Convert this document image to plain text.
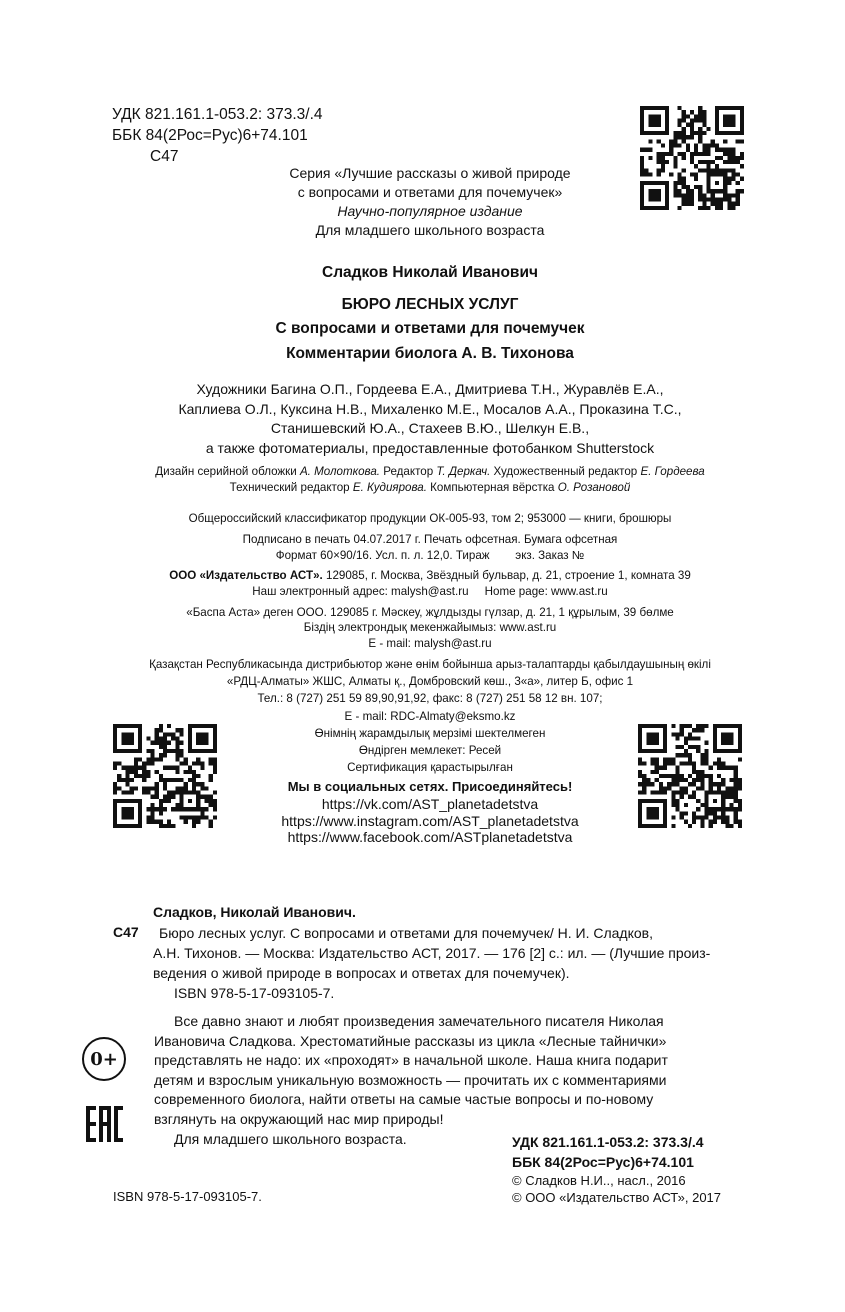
УДК 821.161.1-053.2: 373.3/.4
ББК 84(2Рос=Рус)6+74.101
С47
Серия «Лучшие рассказы о живой природе
с вопросами и ответами для почемучек»
Научно-популярное издание
Для младшего школьного возраста
Сладков Николай Иванович
БЮРО ЛЕСНЫХ УСЛУГ
С вопросами и ответами для почемучек
Комментарии биолога А. В. Тихонова
Художники Багина О.П., Гордеева Е.А., Дмитриева Т.Н., Журавлёв Е.А.,
Каплиева О.Л., Куксина Н.В., Михаленко М.Е., Мосалов А.А., Проказина Т.С.,
Станишевский Ю.А., Стахеев В.Ю., Шелкун Е.В.,
а также фотоматериалы, предоставленные фотобанком Shutterstock
Дизайн серийной обложки А. Молоткова. Редактор Т. Деркач. Художественный редактор Е. Гордеева
Технический редактор Е. Кудиярова. Компьютерная вёрстка О. Розановой
Общероссийский классификатор продукции ОК-005-93, том 2; 953000 — книги, брошюры
Подписано в печать 04.07.2017 г. Печать офсетная. Бумага офсетная
Формат 60×90/16. Усл. п. л. 12,0. Тираж        экз. Заказ №
ООО «Издательство АСТ». 129085, г. Москва, Звёздный бульвар, д. 21, строение 1, комната 39
Наш электронный адрес: malysh@ast.ru     Home page: www.ast.ru
«Баспа Аста» деген ООО. 129085 г. Мәскеу, жұлдызды гүлзар, д. 21, 1 құрылым, 39 бөлме
Біздің электрондық мекенжайымыз: www.ast.ru
E - mail: malysh@ast.ru
Қазақстан Республикасында дистрибьютор және өнім бойынша арыз-талаптарды қабылдаушының өкілі
«РДЦ-Алматы» ЖШС, Алматы қ., Домбровский көш., 3«а», литер Б, офис 1
Тел.: 8 (727) 251 59 89,90,91,92, факс: 8 (727) 251 58 12 вн. 107;
E - mail: RDC-Almaty@eksmo.kz
Өнімнің жарамдылық мерзімі шектелмеген
Өндірген мемлекет: Ресей
Сертификация қарастырылған
Мы в социальных сетях. Присоединяйтесь!
https://vk.com/AST_planetadetstva
https://www.instagram.com/AST_planetadetstva
https://www.facebook.com/ASTplanetadetstva
Сладков, Николай Иванович.
С47	Бюро лесных услуг. С вопросами и ответами для почемучек/ Н. И. Сладков,
А.Н. Тихонов. — Москва: Издательство АСТ, 2017. — 176 [2] с.: ил. — (Лучшие произ-
ведения о живой природе в вопросах и ответах для почемучек).
ISBN 978-5-17-093105-7.
Все давно знают и любят произведения замечательного писателя Николая
Ивановича Сладкова. Хрестоматийные рассказы из цикла «Лесные тайнички»
представлять не надо: их «проходят» в начальной школе. Наша книга подарит
детям и взрослым уникальную возможность — прочитать их с комментариями
современного биолога, найти ответы на самые частые вопросы и по-новому
взглянуть на окружающий нас мир природы!
Для младшего школьного возраста.
0+
УДК 821.161.1-053.2: 373.3/.4
ББК 84(2Рос=Рус)6+74.101
ISBN 978-5-17-093105-7.
© Сладков Н.И.., насл., 2016
© ООО «Издательство АСТ», 2017
